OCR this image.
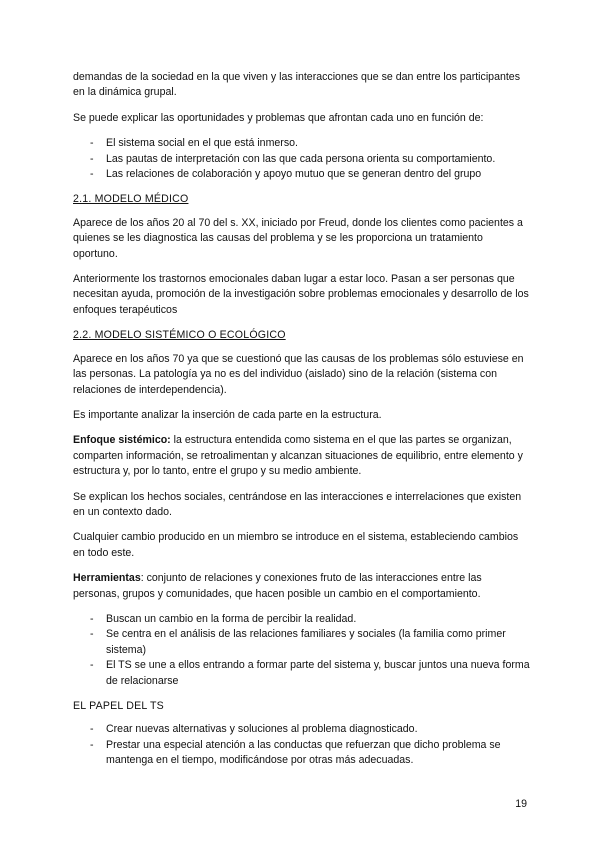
demandas de la sociedad en la que viven y las interacciones que se dan entre los participantes en la dinámica grupal.

Se puede explicar las oportunidades y problemas que afrontan cada uno en función de:

- El sistema social en el que está inmerso.
- Las pautas de interpretación con las que cada persona orienta su comportamiento.
- Las relaciones de colaboración y apoyo mutuo que se generan dentro del grupo
2.1. MODELO MÉDICO

Aparece de los años 20 al 70 del s. XX, iniciado por Freud, donde los clientes como pacientes a quienes se les diagnostica las causas del problema y se les proporciona un tratamiento oportuno.

Anteriormente los trastornos emocionales daban lugar a estar loco. Pasan a ser personas que necesitan ayuda, promoción de la investigación sobre problemas emocionales y desarrollo de los enfoques terapéuticos

2.2. MODELO SISTÉMICO O ECOLÓGICO

Aparece en los años 70 ya que se cuestionó que las causas de los problemas sólo estuviese en las personas. La patología ya no es del individuo (aislado) sino de la relación (sistema con relaciones de interdependencia).

Es importante analizar la inserción de cada parte en la estructura.

Enfoque sistémico: la estructura entendida como sistema en el que las partes se organizan, comparten información, se retroalimentan y alcanzan situaciones de equilibrio, entre elemento y estructura y, por lo tanto, entre el grupo y su medio ambiente.

Se explican los hechos sociales, centrándose en las interacciones e interrelaciones que existen en un contexto dado.

Cualquier cambio producido en un miembro se introduce en el sistema, estableciendo cambios en todo este.

Herramientas: conjunto de relaciones y conexiones fruto de las interacciones entre las personas, grupos y comunidades, que hacen posible un cambio en el comportamiento.

- Buscan un cambio en la forma de percibir la realidad.
- Se centra en el análisis de las relaciones familiares y sociales (la familia como primer sistema)
- El TS se une a ellos entrando a formar parte del sistema y, buscar juntos una nueva forma de relacionarse
EL PAPEL DEL TS
- Crear nuevas alternativas y soluciones al problema diagnosticado.
- Prestar una especial atención a las conductas que refuerzan que dicho problema se mantenga en el tiempo, modificándose por otras más adecuadas.
19
